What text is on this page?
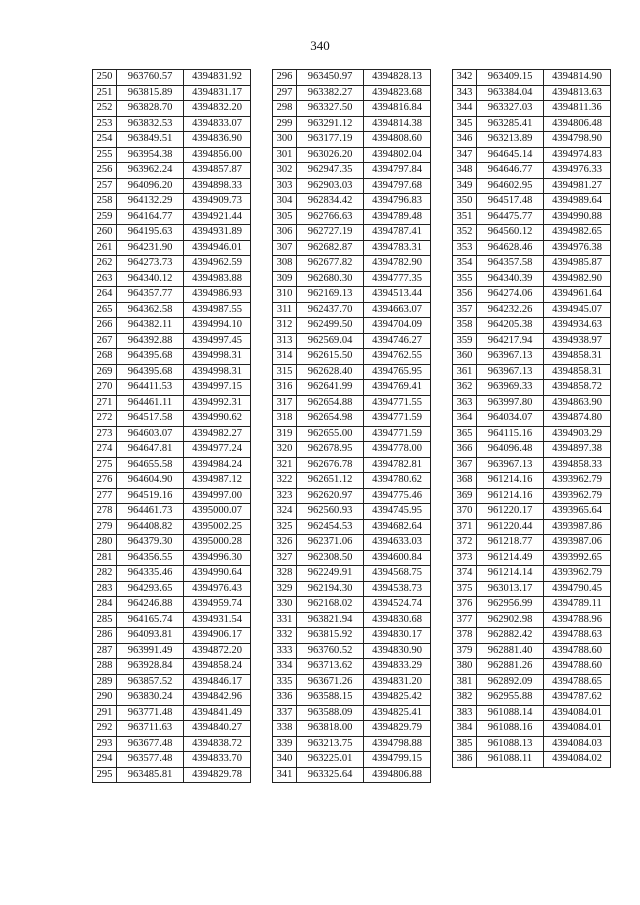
340
250	963760.57	4394831.92
251	963815.89	4394831.17
252	963828.70	4394832.20
253	963832.53	4394833.07
254	963849.51	4394836.90
255	963954.38	4394856.00
256	963962.24	4394857.87
257	964096.20	4394898.33
258	964132.29	4394909.73
259	964164.77	4394921.44
260	964195.63	4394931.89
261	964231.90	4394946.01
262	964273.73	4394962.59
263	964340.12	4394983.88
264	964357.77	4394986.93
265	964362.58	4394987.55
266	964382.11	4394994.10
267	964392.88	4394997.45
268	964395.68	4394998.31
269	964395.68	4394998.31
270	964411.53	4394997.15
271	964461.11	4394992.31
272	964517.58	4394990.62
273	964603.07	4394982.27
274	964647.81	4394977.24
275	964655.58	4394984.24
276	964604.90	4394987.12
277	964519.16	4394997.00
278	964461.73	4395000.07
279	964408.82	4395002.25
280	964379.30	4395000.28
281	964356.55	4394996.30
282	964335.46	4394990.64
283	964293.65	4394976.43
284	964246.88	4394959.74
285	964165.74	4394931.54
286	964093.81	4394906.17
287	963991.49	4394872.20
288	963928.84	4394858.24
289	963857.52	4394846.17
290	963830.24	4394842.96
291	963771.48	4394841.49
292	963711.63	4394840.27
293	963677.48	4394838.72
294	963577.48	4394833.70
295	963485.81	4394829.78
296	963450.97	4394828.13
297	963382.27	4394823.68
298	963327.50	4394816.84
299	963291.12	4394814.38
300	963177.19	4394808.60
301	963026.20	4394802.04
302	962947.35	4394797.84
303	962903.03	4394797.68
304	962834.42	4394796.83
305	962766.63	4394789.48
306	962727.19	4394787.41
307	962682.87	4394783.31
308	962677.82	4394782.90
309	962680.30	4394777.35
310	962169.13	4394513.44
311	962437.70	4394663.07
312	962499.50	4394704.09
313	962569.04	4394746.27
314	962615.50	4394762.55
315	962628.40	4394765.95
316	962641.99	4394769.41
317	962654.88	4394771.55
318	962654.98	4394771.59
319	962655.00	4394771.59
320	962678.95	4394778.00
321	962676.78	4394782.81
322	962651.12	4394780.62
323	962620.97	4394775.46
324	962560.93	4394745.95
325	962454.53	4394682.64
326	962371.06	4394633.03
327	962308.50	4394600.84
328	962249.91	4394568.75
329	962194.30	4394538.73
330	962168.02	4394524.74
331	963821.94	4394830.68
332	963815.92	4394830.17
333	963760.52	4394830.90
334	963713.62	4394833.29
335	963671.26	4394831.20
336	963588.15	4394825.42
337	963588.09	4394825.41
338	963818.00	4394829.79
339	963213.75	4394798.88
340	963225.01	4394799.15
341	963325.64	4394806.88
342	963409.15	4394814.90
343	963384.04	4394813.63
344	963327.03	4394811.36
345	963285.41	4394806.48
346	963213.89	4394798.90
347	964645.14	4394974.83
348	964646.77	4394976.33
349	964602.95	4394981.27
350	964517.48	4394989.64
351	964475.77	4394990.88
352	964560.12	4394982.65
353	964628.46	4394976.38
354	964357.58	4394985.87
355	964340.39	4394982.90
356	964274.06	4394961.64
357	964232.26	4394945.07
358	964205.38	4394934.63
359	964217.94	4394938.97
360	963967.13	4394858.31
361	963967.13	4394858.31
362	963969.33	4394858.72
363	963997.80	4394863.90
364	964034.07	4394874.80
365	964115.16	4394903.29
366	964096.48	4394897.38
367	963967.13	4394858.33
368	961214.16	4393962.79
369	961214.16	4393962.79
370	961220.17	4393965.64
371	961220.44	4393987.86
372	961218.77	4393987.06
373	961214.49	4393992.65
374	961214.14	4393962.79
375	963013.17	4394790.45
376	962956.99	4394789.11
377	962902.98	4394788.96
378	962882.42	4394788.63
379	962881.40	4394788.60
380	962881.26	4394788.60
381	962892.09	4394788.65
382	962955.88	4394787.62
383	961088.14	4394084.01
384	961088.16	4394084.01
385	961088.13	4394084.03
386	961088.11	4394084.02
